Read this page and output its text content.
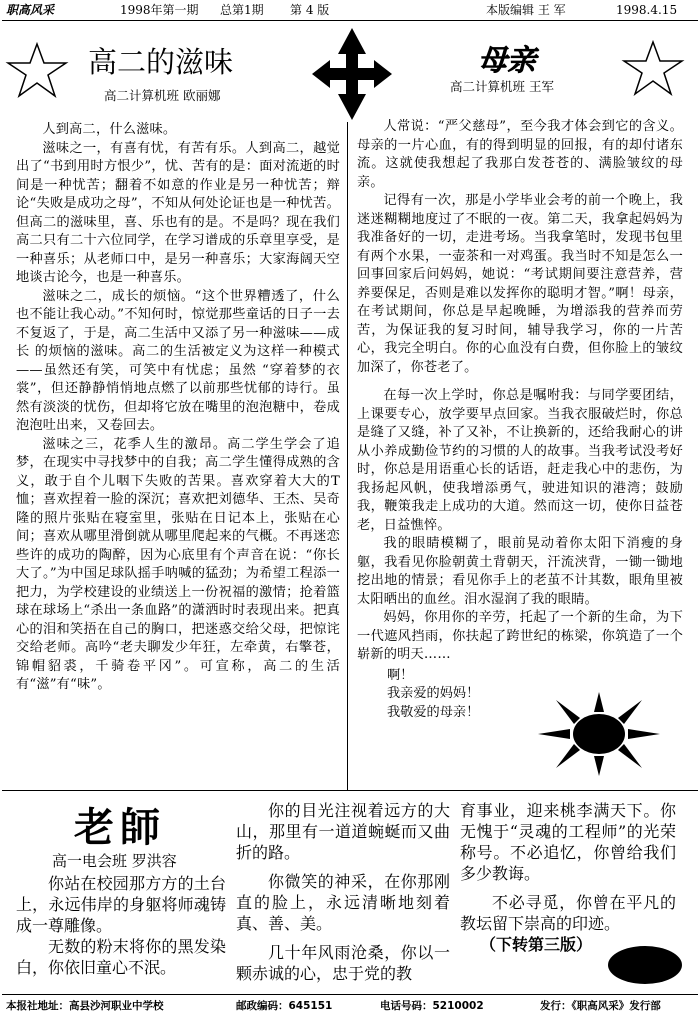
职高风采	1998年第一期 总第1期 第 4 版	本版编辑 王 军	1998.4.15
高二的滋味
高二计算机班 欧丽娜
母亲
高二计算机班 王军

人到高二，什么滋味。

滋味之一，有喜有忧，有苦有乐。人到高二，越觉出了“书到用时方恨少”，忧、苦有的是：面对流逝的时间是一种忧苦；翻着不如意的作业是另一种忧苦；辩论“失败是成功之母”，不知从何处论证也是一种忧苦。但高二的滋味里，喜、乐也有的是。不是吗？现在我们高二只有二十六位同学，在学习谱成的乐章里享受，是一种喜乐；从老师口中，是另一种喜乐；大家海阔天空地谈古论今，也是一种喜乐。

滋味之二，成长的烦恼。“这个世界糟透了，什么也不能让我心动。”不知何时，惊觉那些童话的日子一去不复返了，于是，高二生活中又添了另一种滋味——成长 的烦恼的滋味。高二的生活被定义为这样一种模式——虽然还有笑，可笑中有忧虑；虽然 “穿着梦的衣裳”，但还静静悄悄地点燃了以前那些忧郁的诗行。虽然有淡淡的忧伤，但却将它放在嘴里的泡泡糖中，卷成泡泡吐出来，又卷回去。

滋味之三，花季人生的激昂。高二学生学会了追梦，在现实中寻找梦中的自我；高二学生懂得成熟的含义，敢于自个儿咽下失败的苦果。喜欢穿着大大的T恤；喜欢捏着一脸的深沉；喜欢把刘德华、王杰、吴奇隆的照片张贴在寝室里，张贴在日记本上，张贴在心间；喜欢从哪里滑倒就从哪里爬起来的气概。不再迷恋些许的成功的陶醉，因为心底里有个声音在说：“你长大了。”为中国足球队摇手呐喊的猛劲；为希望工程添一把力，为学校建设的业绩送上一份祝福的激情；抢着篮球在球场上“杀出一条血路”的潇洒时时表现出来。把真心的泪和笑捂在自己的胸口，把迷惑交给父母，把惊诧交给老师。高吟“老夫聊发少年狂，左牵黄，右擎苍，锦帽貂裘，千骑卷平冈”。可宣称，高二的生活有“滋”有“味”。

人常说：“严父慈母”，至今我才体会到它的含义。母亲的一片心血，有的得到明显的回报，有的却付诸东流。这就使我想起了我那白发苍苍的、满脸皱纹的母亲。

记得有一次，那是小学毕业会考的前一个晚上，我迷迷糊糊地度过了不眠的一夜。第二天，我拿起妈妈为我准备好的一切，走进考场。当我拿笔时，发现书包里有两个水果，一壶茶和一对鸡蛋。我当时不知是怎么一回事回家后问妈妈，她说：“考试期间要注意营养，营养要保足，否则是难以发挥你的聪明才智。”啊！母亲，在考试期间，你总是早起晚睡，为增添我的营养而劳苦，为保证我的复习时间，辅导我学习，你的一片苦心，我完全明白。你的心血没有白费，但你脸上的皱纹加深了，你苍老了。

在每一次上学时，你总是嘱咐我：与同学要团结，上课要专心，放学要早点回家。当我衣服破烂时，你总是缝了又缝，补了又补，不让换新的，还给我耐心的讲从小养成勤俭节约的习惯的人的故事。当我考试没考好时，你总是用语重心长的话语，赶走我心中的悲伤，为我扬起风帆，使我增添勇气，驶进知识的港湾；鼓励我，鞭策我走上成功的大道。然而这一切，使你日益苍老，日益憔悴。

我的眼睛模糊了，眼前晃动着你太阳下消瘦的身躯，我看见你脸朝黄土背朝天，汗流浃背，一锄一锄地挖出地的情景；看见你手上的老茧不计其数，眼角里被太阳晒出的血丝。泪水湿润了我的眼睛。

妈妈，你用你的辛劳，托起了一个新的生命，为下一代遮风挡雨，你扶起了跨世纪的栋梁，你筑造了一个崭新的明天……

啊！
我亲爱的妈妈！
我敬爱的母亲！
老師
高一电会班 罗洪容

你站在校园那方方的土台上，永远伟岸的身躯将师魂铸成一尊雕像。

无数的粉末将你的黑发染白，你依旧童心不泯。

你的目光注视着远方的大山，那里有一道道蜿蜒而又曲折的路。

你微笑的神采，在你那刚直的脸上，永远清晰地刻着真、善、美。

几十年风雨沧桑，你以一颗赤诚的心，忠于党的教

育事业，迎来桃李满天下。你无愧于“灵魂的工程师”的光荣称号。不必追忆，你曾给我们多少教诲。

不必寻觅，你曾在平凡的教坛留下崇高的印迹。

（下转第三版）
本报社地址：高县沙河职业中学校	邮政编码：645151	电话号码：5210002	发行：《职高风采》发行部
